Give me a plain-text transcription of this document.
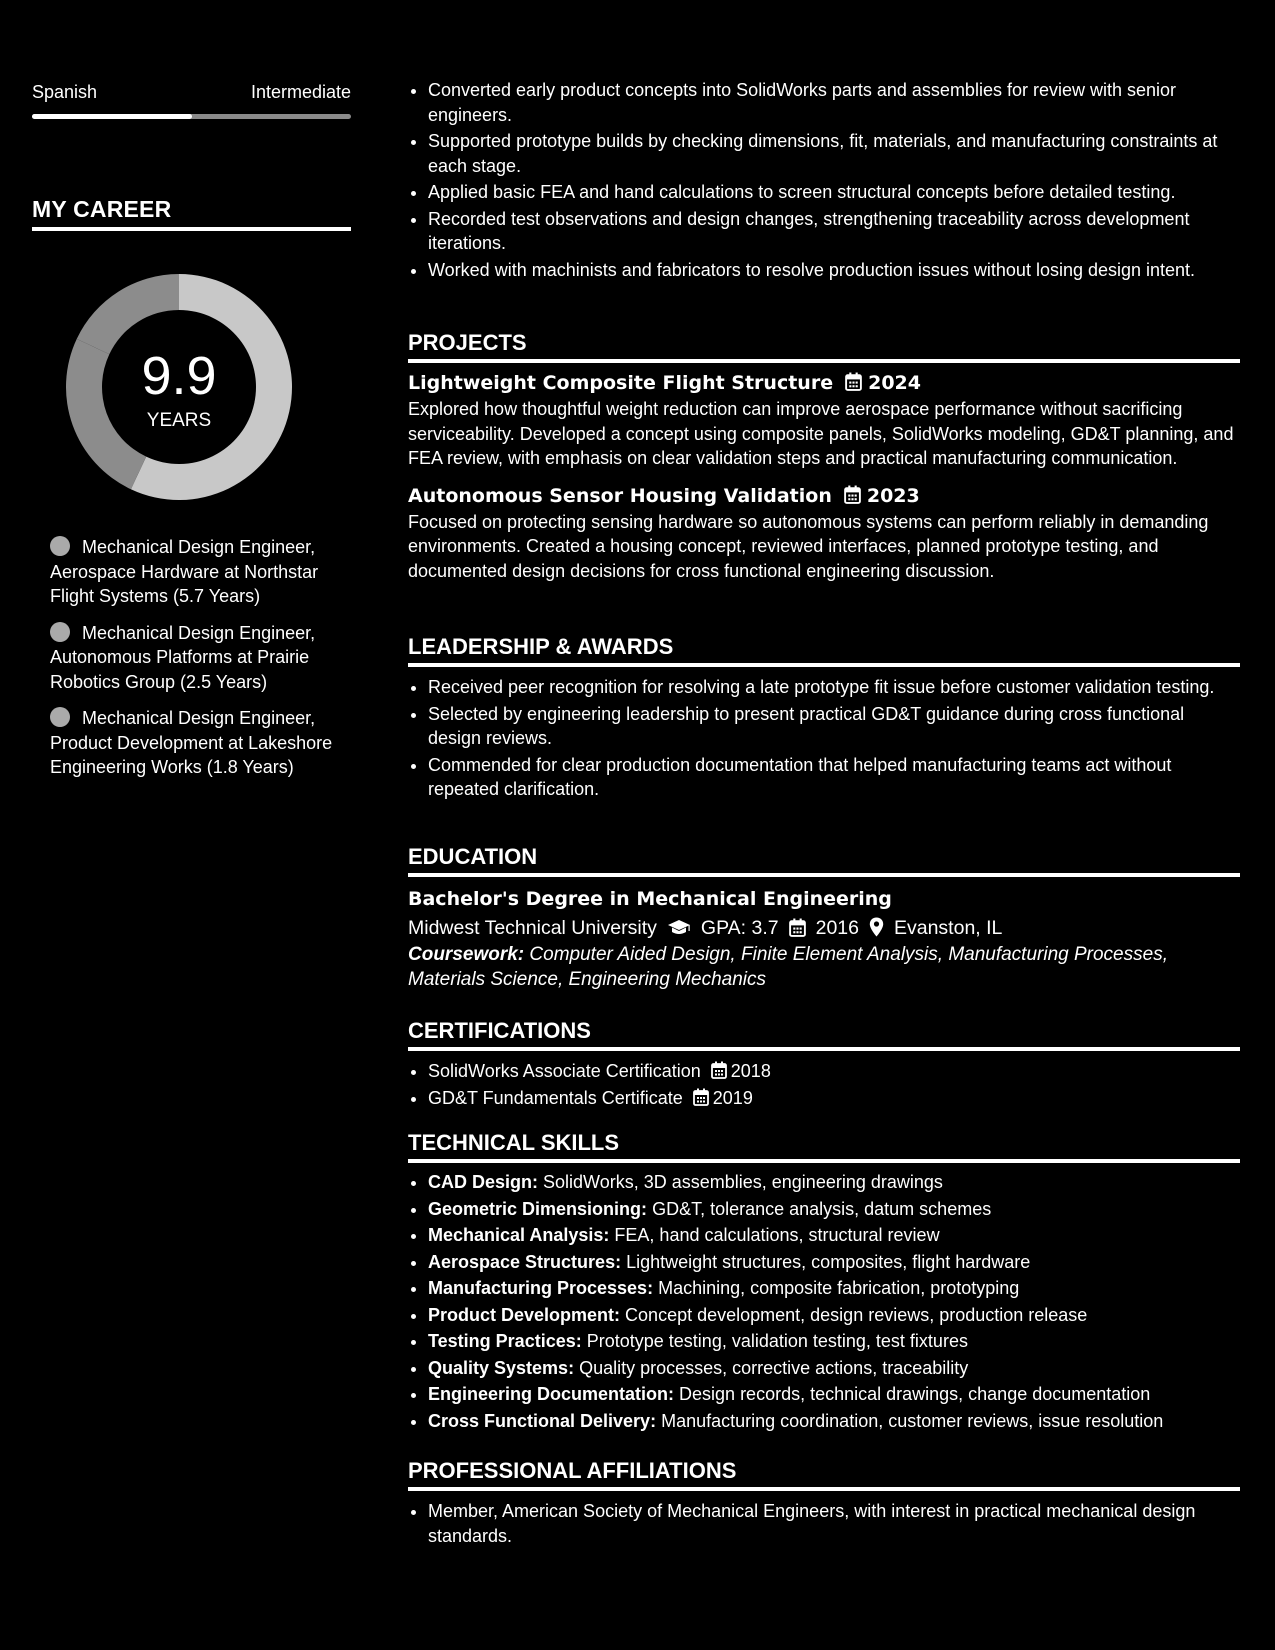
Spanish	Intermediate
MY CAREER
9.9
YEARS
Mechanical Design Engineer, Aerospace Hardware at Northstar Flight Systems (5.7 Years)
Mechanical Design Engineer, Autonomous Platforms at Prairie Robotics Group (2.5 Years)
Mechanical Design Engineer, Product Development at Lakeshore Engineering Works (1.8 Years)
• Converted early product concepts into SolidWorks parts and assemblies for review with senior engineers.
• Supported prototype builds by checking dimensions, fit, materials, and manufacturing constraints at each stage.
• Applied basic FEA and hand calculations to screen structural concepts before detailed testing.
• Recorded test observations and design changes, strengthening traceability across development iterations.
• Worked with machinists and fabricators to resolve production issues without losing design intent.
PROJECTS
Lightweight Composite Flight Structure 2024
Explored how thoughtful weight reduction can improve aerospace performance without sacrificing serviceability. Developed a concept using composite panels, SolidWorks modeling, GD&T planning, and FEA review, with emphasis on clear validation steps and practical manufacturing communication.
Autonomous Sensor Housing Validation 2023
Focused on protecting sensing hardware so autonomous systems can perform reliably in demanding environments. Created a housing concept, reviewed interfaces, planned prototype testing, and documented design decisions for cross functional engineering discussion.
LEADERSHIP & AWARDS
• Received peer recognition for resolving a late prototype fit issue before customer validation testing.
• Selected by engineering leadership to present practical GD&T guidance during cross functional design reviews.
• Commended for clear production documentation that helped manufacturing teams act without repeated clarification.
EDUCATION
Bachelor's Degree in Mechanical Engineering
Midwest Technical University GPA: 3.7 2016 Evanston, IL
Coursework: Computer Aided Design, Finite Element Analysis, Manufacturing Processes, Materials Science, Engineering Mechanics
CERTIFICATIONS
• SolidWorks Associate Certification 2018
• GD&T Fundamentals Certificate 2019
TECHNICAL SKILLS
• CAD Design: SolidWorks, 3D assemblies, engineering drawings
• Geometric Dimensioning: GD&T, tolerance analysis, datum schemes
• Mechanical Analysis: FEA, hand calculations, structural review
• Aerospace Structures: Lightweight structures, composites, flight hardware
• Manufacturing Processes: Machining, composite fabrication, prototyping
• Product Development: Concept development, design reviews, production release
• Testing Practices: Prototype testing, validation testing, test fixtures
• Quality Systems: Quality processes, corrective actions, traceability
• Engineering Documentation: Design records, technical drawings, change documentation
• Cross Functional Delivery: Manufacturing coordination, customer reviews, issue resolution
PROFESSIONAL AFFILIATIONS
• Member, American Society of Mechanical Engineers, with interest in practical mechanical design standards.
